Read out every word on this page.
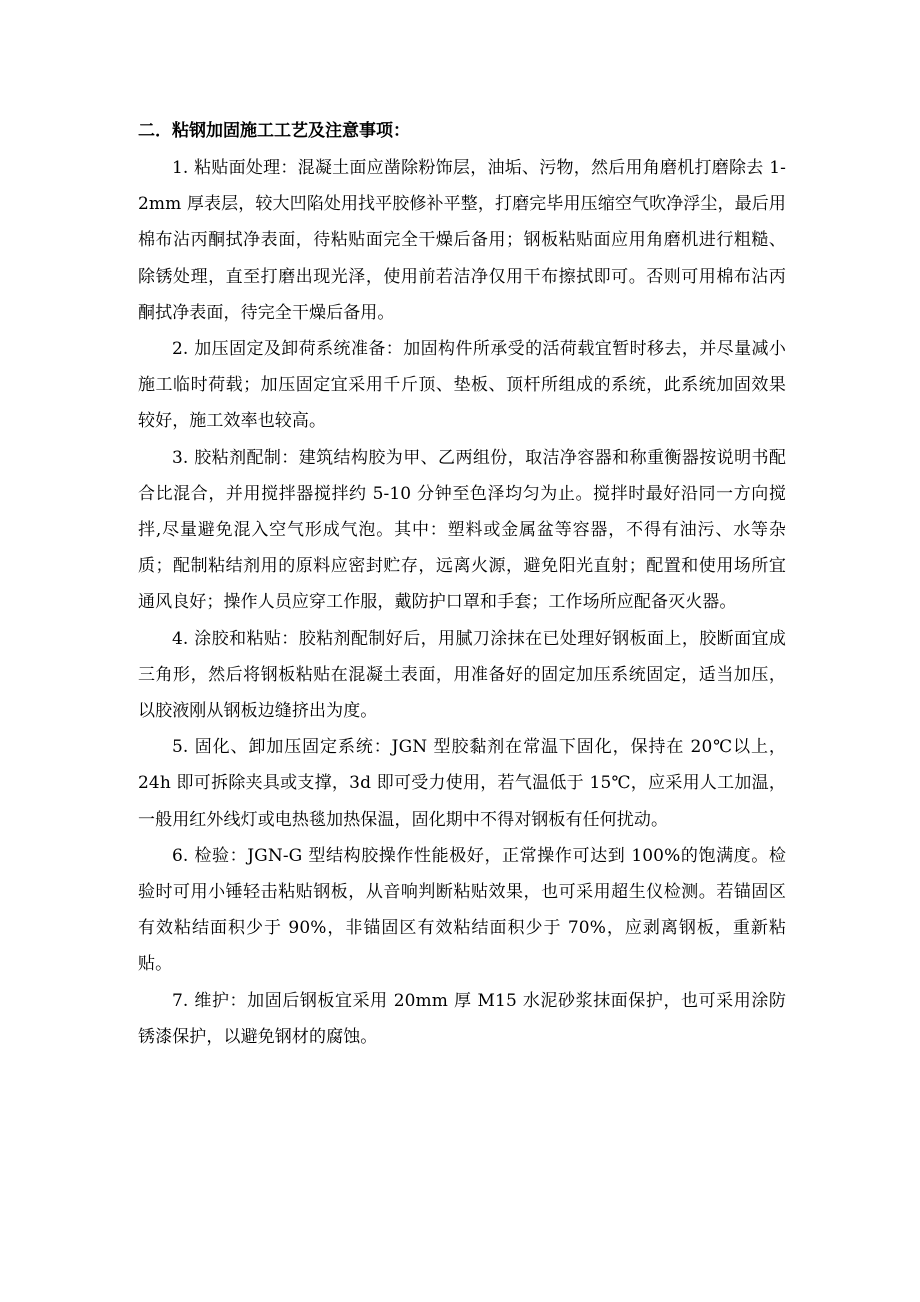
二．粘钢加固施工工艺及注意事项：

1. 粘贴面处理：混凝土面应凿除粉饰层，油垢、污物，然后用角磨机打磨除去 1-2mm 厚表层，较大凹陷处用找平胶修补平整，打磨完毕用压缩空气吹净浮尘，最后用棉布沾丙酮拭净表面，待粘贴面完全干燥后备用；钢板粘贴面应用角磨机进行粗糙、除锈处理，直至打磨出现光泽，使用前若洁净仅用干布擦拭即可。否则可用棉布沾丙酮拭净表面，待完全干燥后备用。

2. 加压固定及卸荷系统准备：加固构件所承受的活荷载宜暂时移去，并尽量减小施工临时荷载；加压固定宜采用千斤顶、垫板、顶杆所组成的系统，此系统加固效果较好，施工效率也较高。

3. 胶粘剂配制：建筑结构胶为甲、乙两组份，取洁净容器和称重衡器按说明书配合比混合，并用搅拌器搅拌约 5-10 分钟至色泽均匀为止。搅拌时最好沿同一方向搅拌,尽量避免混入空气形成气泡。其中：塑料或金属盆等容器，不得有油污、水等杂质；配制粘结剂用的原料应密封贮存，远离火源，避免阳光直射；配置和使用场所宜通风良好；操作人员应穿工作服，戴防护口罩和手套；工作场所应配备灭火器。

4. 涂胶和粘贴：胶粘剂配制好后，用腻刀涂抹在已处理好钢板面上，胶断面宜成三角形，然后将钢板粘贴在混凝土表面，用准备好的固定加压系统固定，适当加压，以胶液刚从钢板边缝挤出为度。

5. 固化、卸加压固定系统：JGN 型胶黏剂在常温下固化，保持在 20℃以上，24h 即可拆除夹具或支撑，3d 即可受力使用，若气温低于 15℃，应采用人工加温，一般用红外线灯或电热毯加热保温，固化期中不得对钢板有任何扰动。

6. 检验：JGN-G 型结构胶操作性能极好，正常操作可达到 100%的饱满度。检验时可用小锤轻击粘贴钢板，从音响判断粘贴效果，也可采用超生仪检测。若锚固区有效粘结面积少于 90%，非锚固区有效粘结面积少于 70%，应剥离钢板，重新粘贴。

7. 维护：加固后钢板宜采用 20mm 厚 M15 水泥砂浆抹面保护，也可采用涂防锈漆保护，以避免钢材的腐蚀。
